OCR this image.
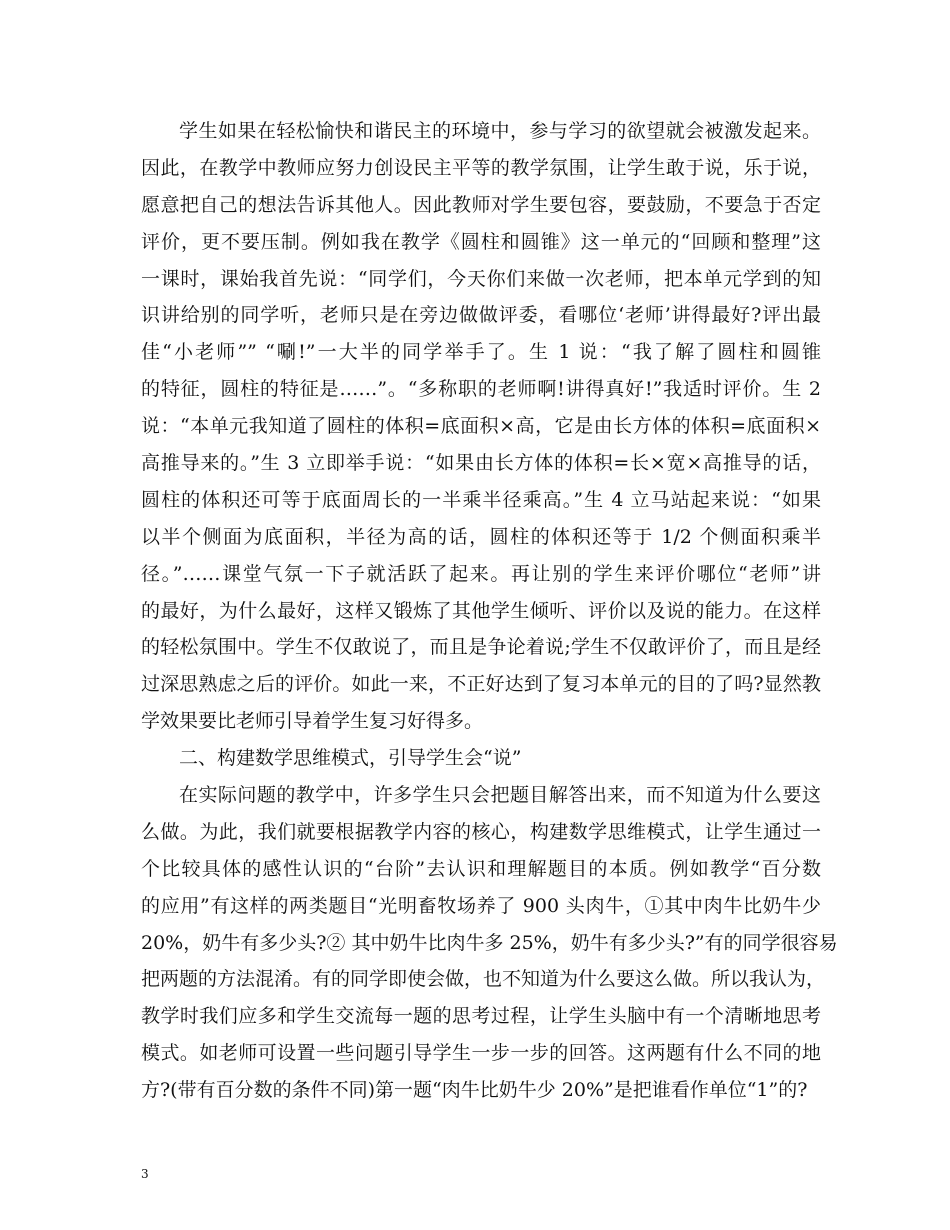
学生如果在轻松愉快和谐民主的环境中，参与学习的欲望就会被激发起来。
因此，在教学中教师应努力创设民主平等的教学氛围，让学生敢于说，乐于说，
愿意把自己的想法告诉其他人。因此教师对学生要包容，要鼓励，不要急于否定
评价，更不要压制。例如我在教学《圆柱和圆锥》这一单元的“回顾和整理”这
一课时，课始我首先说：“同学们，今天你们来做一次老师，把本单元学到的知
识讲给别的同学听，老师只是在旁边做做评委，看哪位‘老师’讲得最好?评出最
佳“小老师”” “唰!”一大半的同学举手了。生 1 说：“我了解了圆柱和圆锥
的特征，圆柱的特征是……”。“多称职的老师啊!讲得真好!”我适时评价。生 2
说：“本单元我知道了圆柱的体积=底面积×高，它是由长方体的体积=底面积×
高推导来的。”生 3 立即举手说：“如果由长方体的体积=长×宽×高推导的话，
圆柱的体积还可等于底面周长的一半乘半径乘高。”生 4 立马站起来说：“如果
以半个侧面为底面积，半径为高的话，圆柱的体积还等于 1/2 个侧面积乘半
径。”……课堂气氛一下子就活跃了起来。再让别的学生来评价哪位“老师”讲
的最好，为什么最好，这样又锻炼了其他学生倾听、评价以及说的能力。在这样
的轻松氛围中。学生不仅敢说了，而且是争论着说;学生不仅敢评价了，而且是经
过深思熟虑之后的评价。如此一来，不正好达到了复习本单元的目的了吗?显然教
学效果要比老师引导着学生复习好得多。
二、构建数学思维模式，引导学生会“说”
在实际问题的教学中，许多学生只会把题目解答出来，而不知道为什么要这
么做。为此，我们就要根据教学内容的核心，构建数学思维模式，让学生通过一
个比较具体的感性认识的“台阶”去认识和理解题目的本质。例如教学“百分数
的应用”有这样的两类题目“光明畜牧场养了 900 头肉牛，①其中肉牛比奶牛少
20%，奶牛有多少头?② 其中奶牛比肉牛多 25%，奶牛有多少头?”有的同学很容易
把两题的方法混淆。有的同学即使会做，也不知道为什么要这么做。所以我认为，
教学时我们应多和学生交流每一题的思考过程，让学生头脑中有一个清晰地思考
模式。如老师可设置一些问题引导学生一步一步的回答。这两题有什么不同的地
方?(带有百分数的条件不同)第一题“肉牛比奶牛少 20%”是把谁看作单位“1”的?
3
